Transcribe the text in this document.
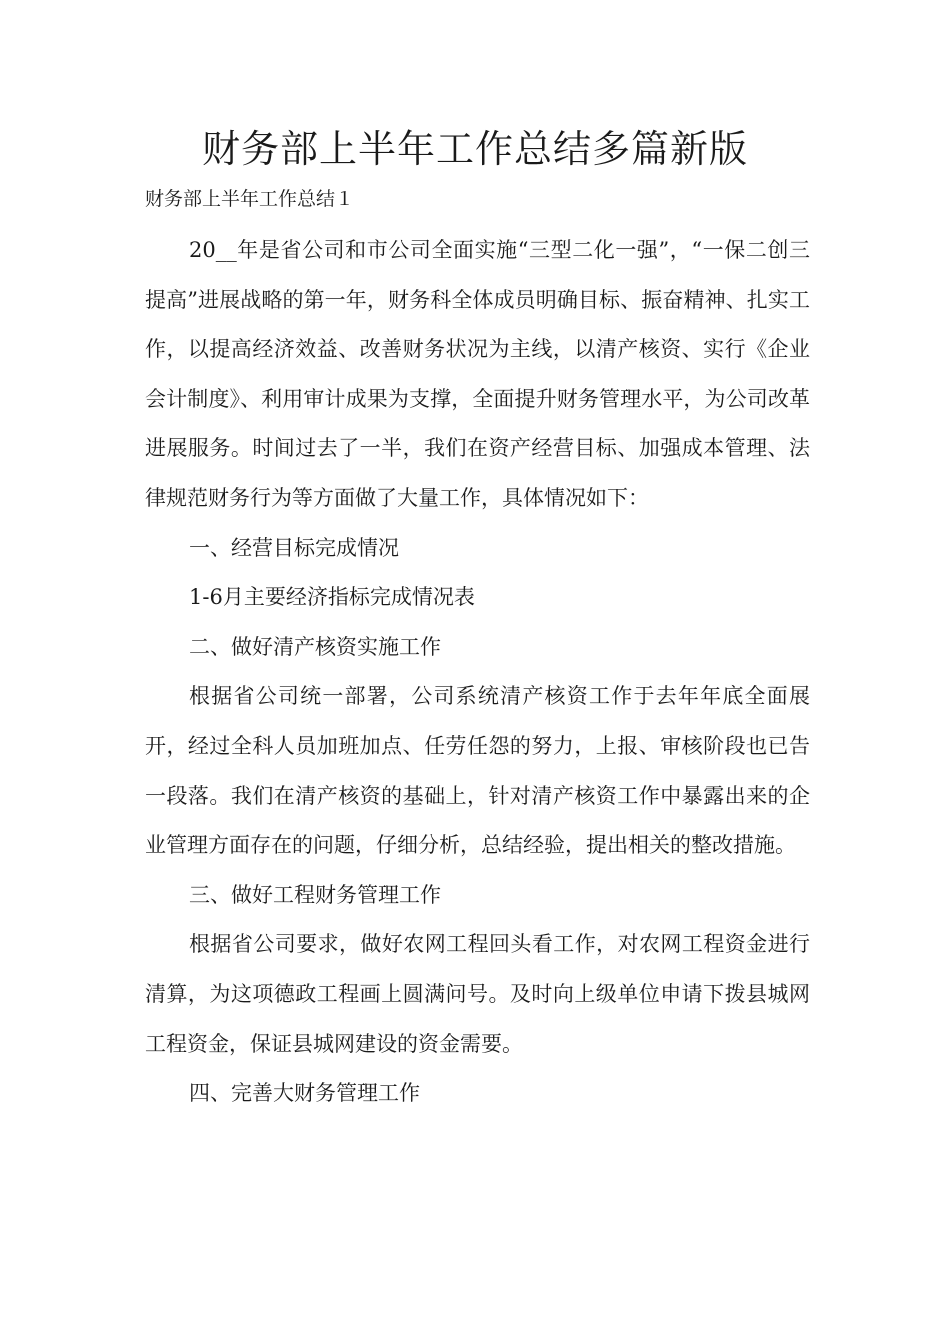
财务部上半年工作总结多篇新版

财务部上半年工作总结１

20__年是省公司和市公司全面实施“三型二化一强”，“一保二创三提高”进展战略的第一年，财务科全体成员明确目标、振奋精神、扎实工作，以提高经济效益、改善财务状况为主线，以清产核资、实行《企业会计制度》、利用审计成果为支撑，全面提升财务管理水平，为公司改革进展服务。时间过去了一半，我们在资产经营目标、加强成本管理、法律规范财务行为等方面做了大量工作，具体情况如下：

一、经营目标完成情况

1-6月主要经济指标完成情况表

二、做好清产核资实施工作

根据省公司统一部署，公司系统清产核资工作于去年年底全面展开，经过全科人员加班加点、任劳任怨的努力，上报、审核阶段也已告一段落。我们在清产核资的基础上，针对清产核资工作中暴露出来的企业管理方面存在的问题，仔细分析，总结经验，提出相关的整改措施。

三、做好工程财务管理工作

根据省公司要求，做好农网工程回头看工作，对农网工程资金进行清算，为这项德政工程画上圆满问号。及时向上级单位申请下拨县城网工程资金，保证县城网建设的资金需要。

四、完善大财务管理工作
